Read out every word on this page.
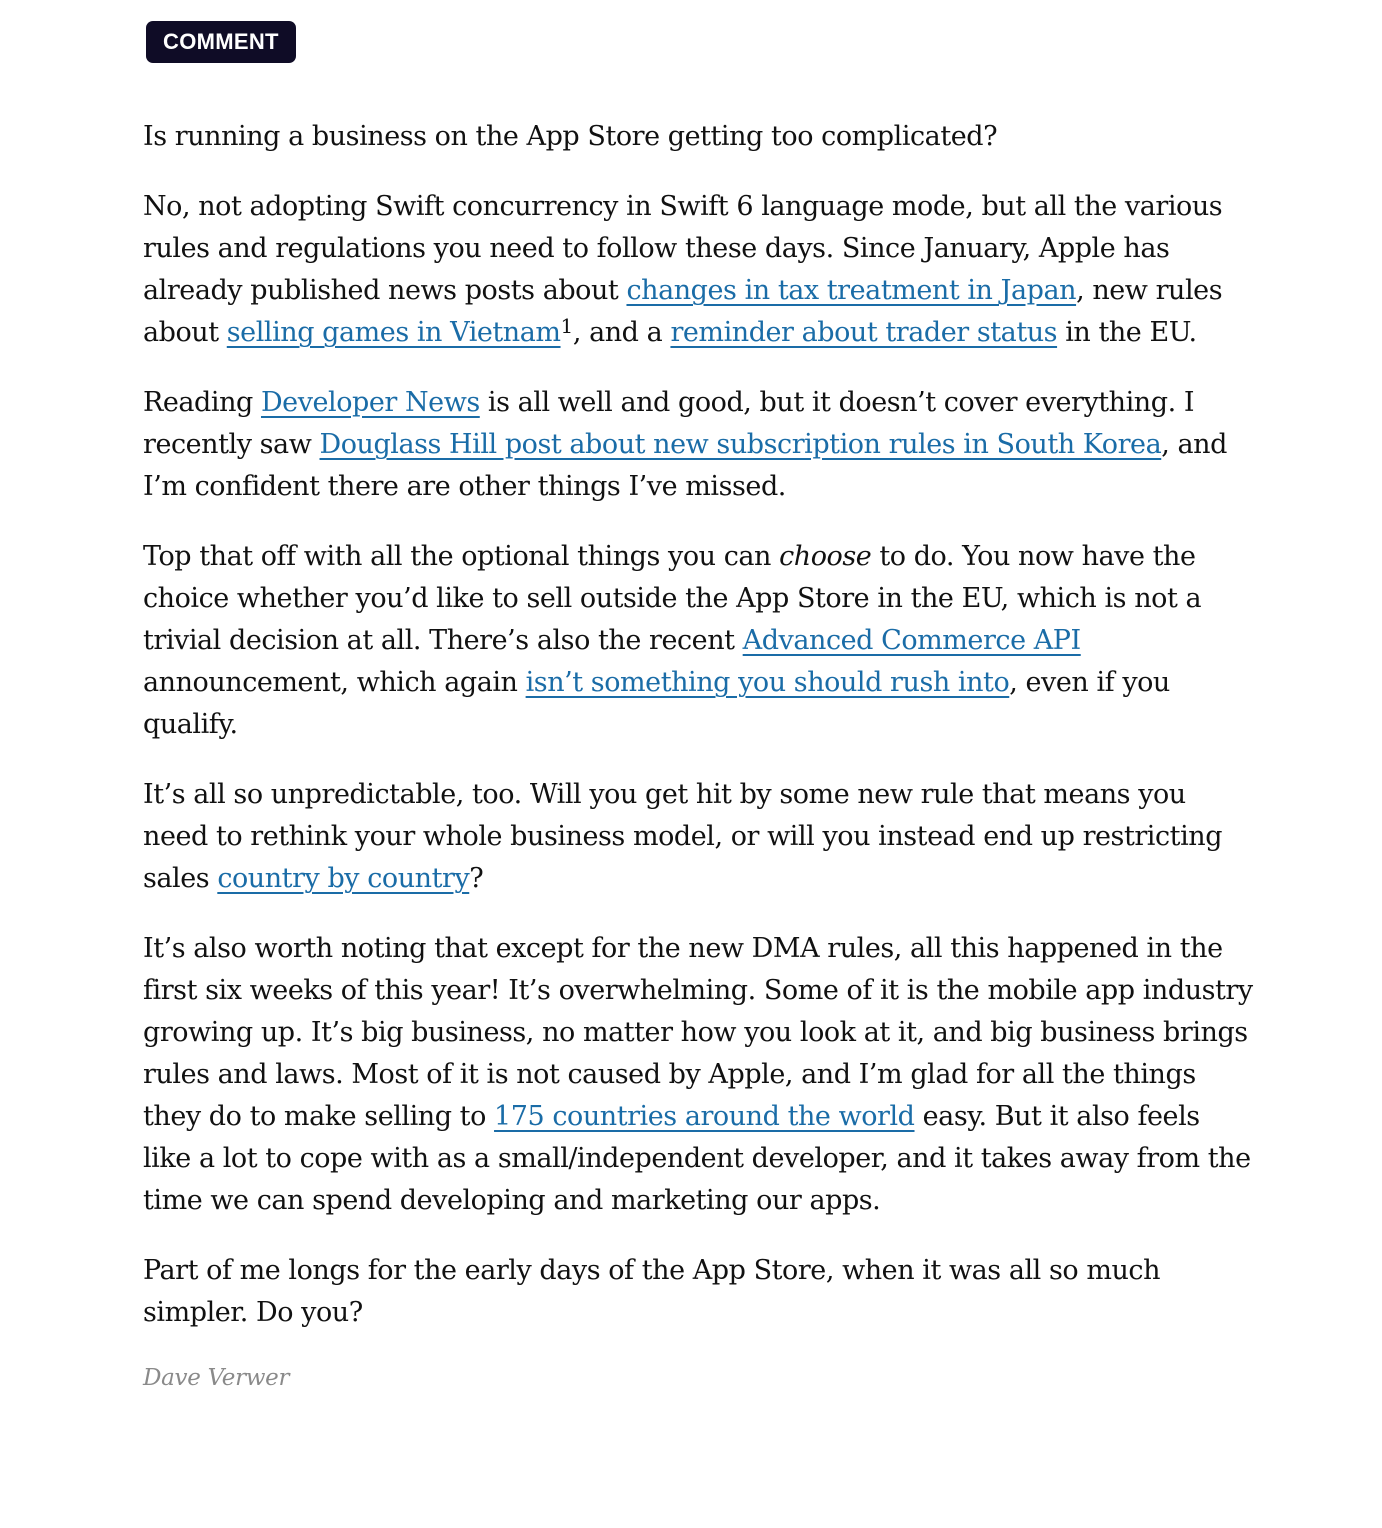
COMMENT

Is running a business on the App Store getting too complicated?

No, not adopting Swift concurrency in Swift 6 language mode, but all the various rules and regulations you need to follow these days. Since January, Apple has already published news posts about changes in tax treatment in Japan, new rules about selling games in Vietnam$^1$, and a reminder about trader status in the EU.

Reading Developer News is all well and good, but it doesn’t cover everything. I recently saw Douglass Hill post about new subscription rules in South Korea, and I’m confident there are other things I’ve missed.

Top that off with all the optional things you can choose to do. You now have the choice whether you’d like to sell outside the App Store in the EU, which is not a trivial decision at all. There’s also the recent Advanced Commerce API announcement, which again isn’t something you should rush into, even if you qualify.

It’s all so unpredictable, too. Will you get hit by some new rule that means you need to rethink your whole business model, or will you instead end up restricting sales country by country?

It’s also worth noting that except for the new DMA rules, all this happened in the first six weeks of this year! It’s overwhelming. Some of it is the mobile app industry growing up. It’s big business, no matter how you look at it, and big business brings rules and laws. Most of it is not caused by Apple, and I’m glad for all the things they do to make selling to 175 countries around the world easy. But it also feels like a lot to cope with as a small/independent developer, and it takes away from the time we can spend developing and marketing our apps.

Part of me longs for the early days of the App Store, when it was all so much simpler. Do you?

Dave Verwer
